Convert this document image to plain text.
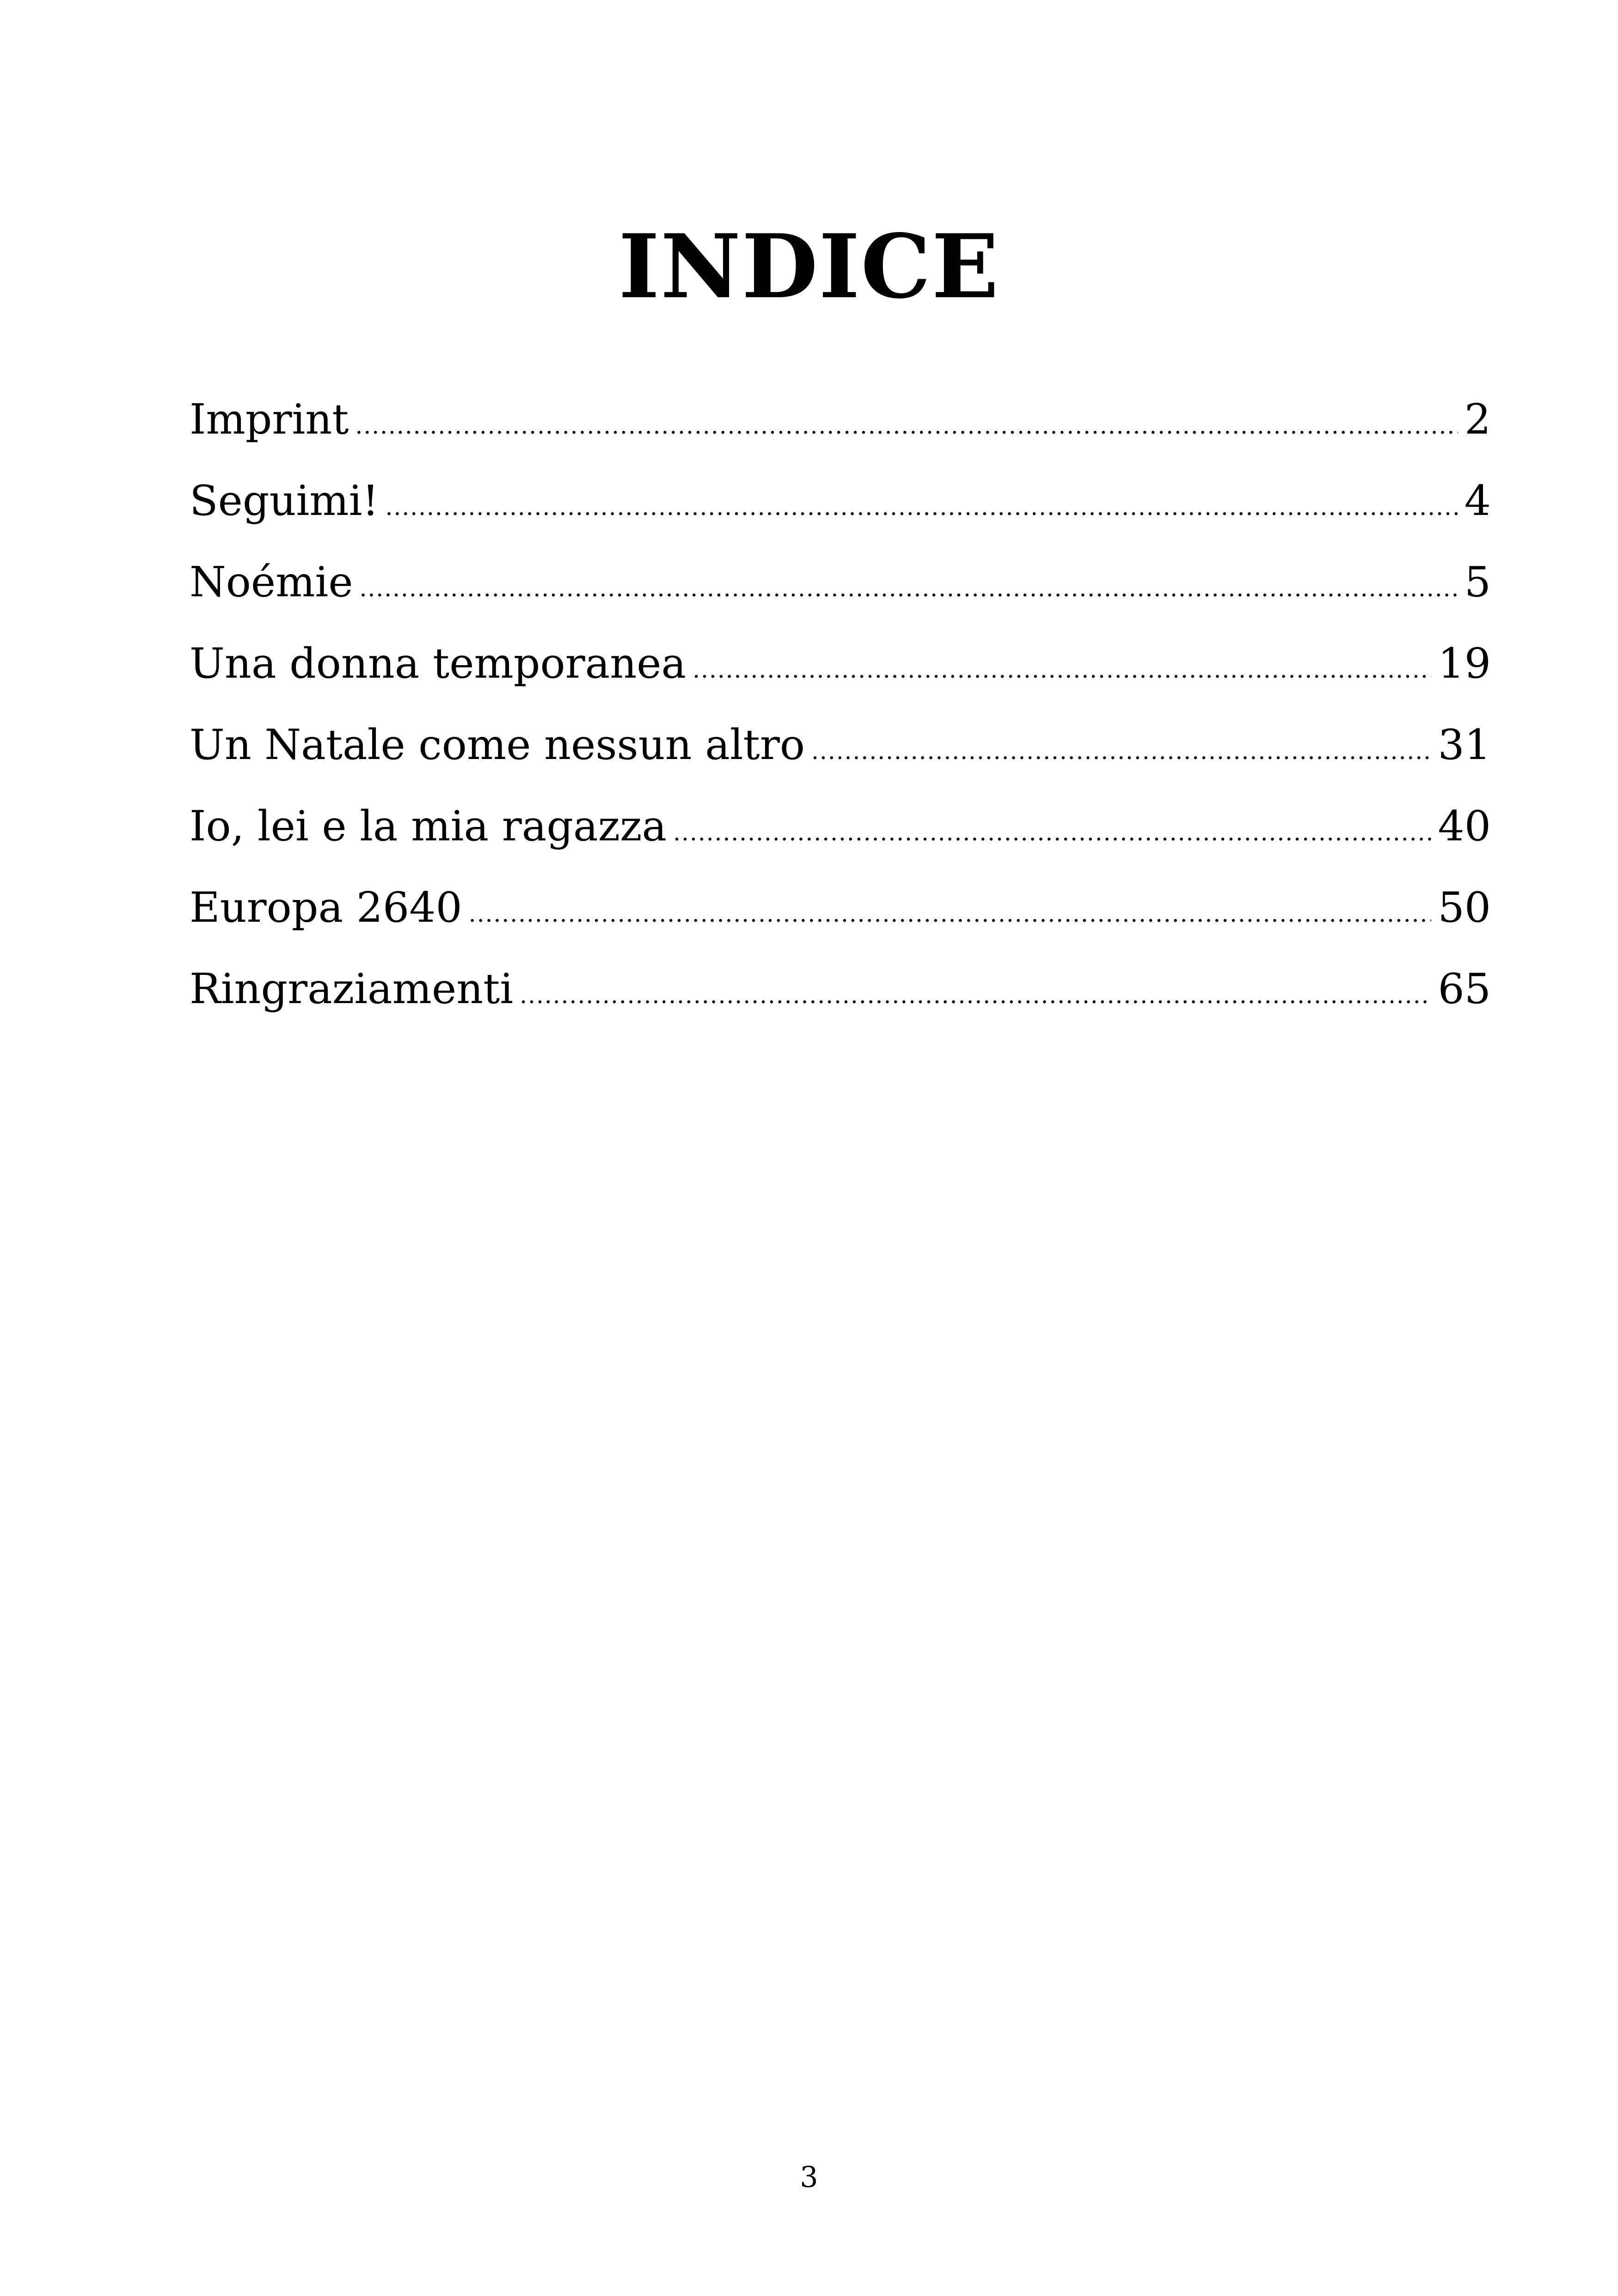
INDICE
Imprint .....	2
Seguimi! .....	4
Noémie .....	5
Una donna temporanea .....	19
Un Natale come nessun altro .....	31
Io, lei e la mia ragazza .....	40
Europa 2640 .....	50
Ringraziamenti .....	65
3
